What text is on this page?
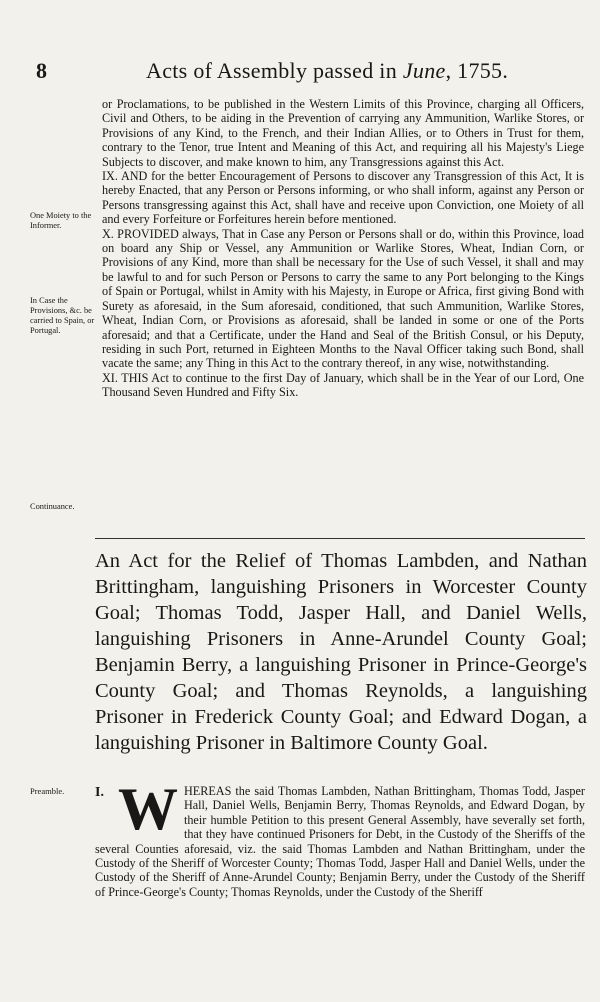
8	Acts of Assembly passed in June, 1755.

or Proclamations, to be published in the Western Limits of this Province, charging all Officers, Civil and Others, to be aiding in the Prevention of carrying any Ammunition, Warlike Stores, or Provisions of any Kind, to the French, and their Indian Allies, or to Others in Trust for them, contrary to the Tenor, true Intent and Meaning of this Act, and requiring all his Majesty's Liege Subjects to discover, and make known to him, any Transgressions against this Act.

IX. AND for the better Encouragement of Persons to discover any Transgression of this Act, It is hereby Enacted, that any Person or Persons informing, or who shall inform, against any Person or Persons transgressing against this Act, shall have and receive upon Conviction, one Moiety of all and every Forfeiture or Forfeitures herein before mentioned.

X. PROVIDED always, That in Case any Person or Persons shall or do, within this Province, load on board any Ship or Vessel, any Ammunition or Warlike Stores, Wheat, Indian Corn, or Provisions of any Kind, more than shall be necessary for the Use of such Vessel, it shall and may be lawful to and for such Person or Persons to carry the same to any Port belonging to the Kings of Spain or Portugal, whilst in Amity with his Majesty, in Europe or Africa, first giving Bond with Surety as aforesaid, in the Sum aforesaid, conditioned, that such Ammunition, Warlike Stores, Wheat, Indian Corn, or Provisions as aforesaid, shall be landed in some or one of the Ports aforesaid; and that a Certificate, under the Hand and Seal of the British Consul, or his Deputy, residing in such Port, returned in Eighteen Months to the Naval Officer taking such Bond, shall vacate the same; any Thing in this Act to the contrary thereof, in any wise, notwithstanding.

XI. THIS Act to continue to the first Day of January, which shall be in the Year of our Lord, One Thousand Seven Hundred and Fifty Six.

One Moiety to the Informer.
In Case the Provisions, &c. be carried to Spain, or Portugal.
Continuance.
An Act for the Relief of Thomas Lambden, and Nathan Brittingham, languishing Prisoners in Worcester County Goal; Thomas Todd, Jasper Hall, and Daniel Wells, languishing Prisoners in Anne-Arundel County Goal; Benjamin Berry, a languishing Prisoner in Prince-George's County Goal; and Thomas Reynolds, a languishing Prisoner in Frederick County Goal; and Edward Dogan, a languishing Prisoner in Baltimore County Goal.
Preamble. I. W HEREAS the said Thomas Lambden, Nathan Brittingham, Thomas Todd, Jasper Hall, Daniel Wells, Benjamin Berry, Thomas Reynolds, and Edward Dogan, by their humble Petition to this present General Assembly, have severally set forth, that they have continued Prisoners for Debt, in the Custody of the Sheriffs of the several Counties aforesaid, viz. the said Thomas Lambden and Nathan Brittingham, under the Custody of the Sheriff of Worcester County; Thomas Todd, Jasper Hall and Daniel Wells, under the Custody of the Sheriff of Anne-Arundel County; Benjamin Berry, under the Custody of the Sheriff of Prince-George's County; Thomas Reynolds, under the Custody of the Sheriff
